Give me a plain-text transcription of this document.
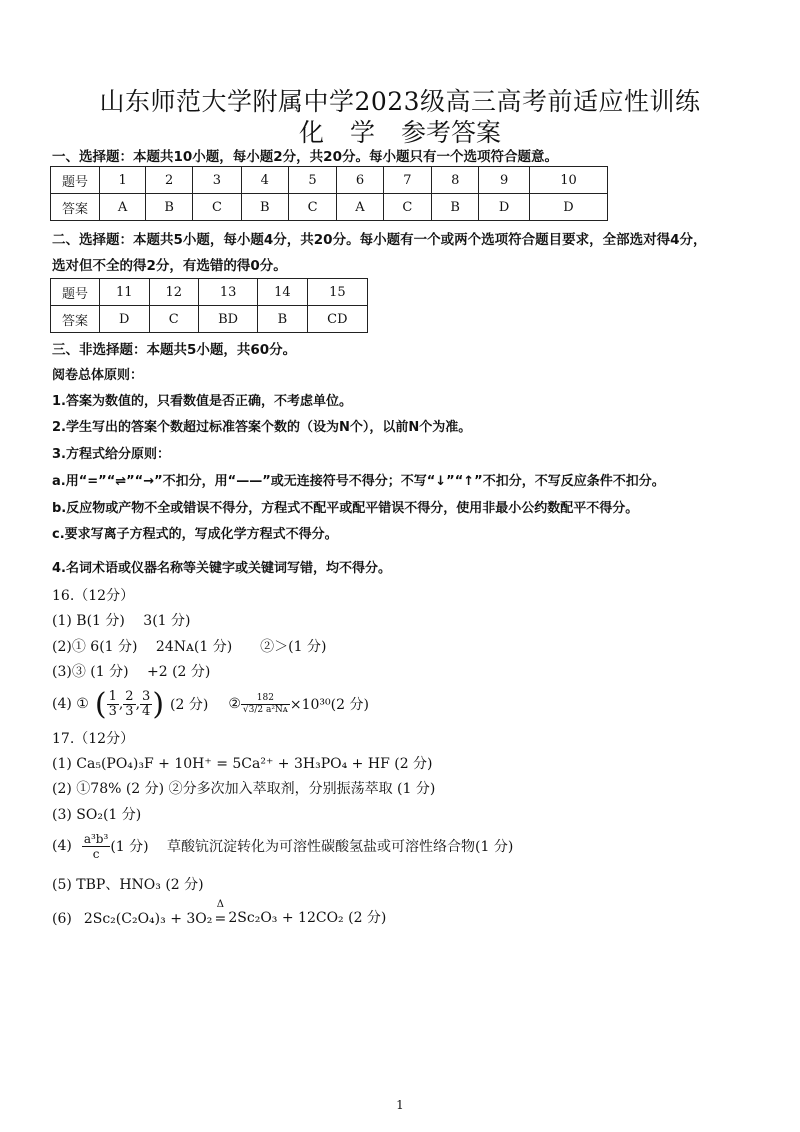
山东师范大学附属中学2023级高三高考前适应性训练
化 学 参考答案
一、选择题：本题共10小题，每小题2分，共20分。每小题只有一个选项符合题意。
题号	1	2	3	4	5	6	7	8	9	10
答案	A	B	C	B	C	A	C	B	D	D
二、选择题：本题共5小题，每小题4分，共20分。每小题有一个或两个选项符合题目要求，全部选对得4分，
选对但不全的得2分，有选错的得0分。
题号	11	12	13	14	15
答案	D	C	BD	B	CD
三、非选择题：本题共5小题，共60分。
阅卷总体原则：
1.答案为数值的，只看数值是否正确，不考虑单位。
2.学生写出的答案个数超过标准答案个数的（设为N个），以前N个为准。
3.方程式给分原则：
a.用“=”“⇌”“→”不扣分，用“——”或无连接符号不得分；不写“↓”“↑”不扣分，不写反应条件不扣分。
b.反应物或产物不全或错误不得分，方程式不配平或配平错误不得分，使用非最小公约数配平不得分。
c.要求写离子方程式的，写成化学方程式不得分。
4.名词术语或仪器名称等关键字或关键词写错，均不得分。
16.（12分）
(1) B(1 分)　 3(1 分)
(2)① 6(1 分)　 24Nᴀ(1 分)　　②＞(1 分)
(3)③ (1 分)　 +2 (2 分)
(4) ① ( $\frac{1}{3}$ , $\frac{2}{3}$ , $\frac{3}{4}$ ) (2 分) ② $\frac{182}{\text{√3/2 a²Nᴀ}} \times 10^{30}(2$ 分)
17.（12分）
(1) Ca₅(PO₄)₃F + 10H⁺ = 5Ca²⁺ + 3H₃PO₄ + HF (2 分)
(2) ①78% (2 分) ②分多次加入萃取剂，分别振荡萃取 (1 分)
(3) SO₂(1 分)
$(4) \frac{\text{a³b³}}{c} (1$ 分)　 草酸钪沉淀转化为可溶性碳酸氢盐或可溶性络合物(1 分)
(5) TBP、HNO₃ (2 分)
(6) 2Sc₂(C₂O₄)₃ + 3O₂
Δ
= 2Sc₂O₃ + 12CO₂ (2 分)
1
